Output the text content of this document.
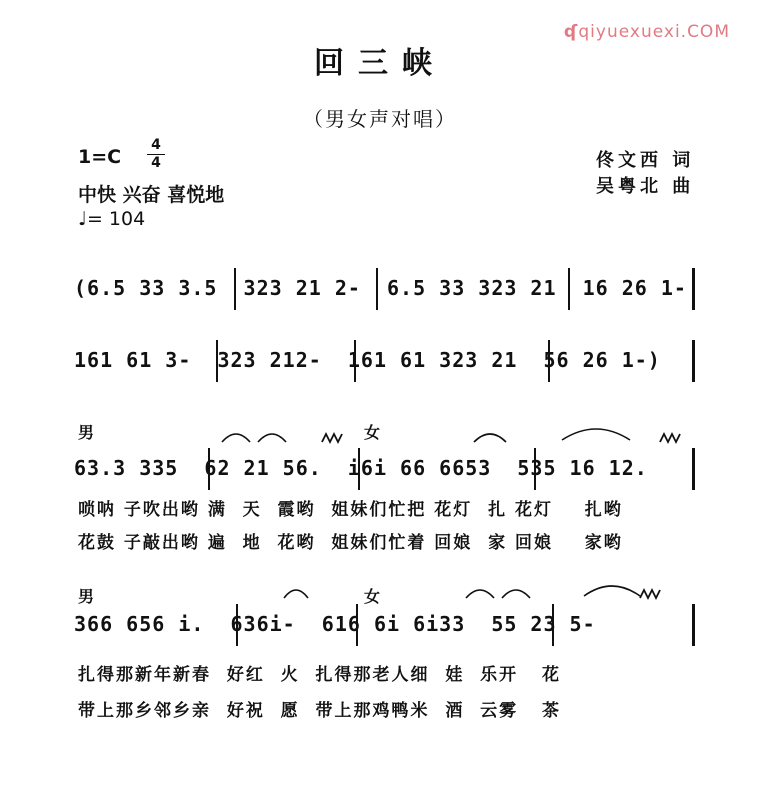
ʠqiyuexuexi.COM
回三峡
（男女声对唱）
1=C
4
4
中快 兴奋 喜悦地
♩= 104
佟文西 词
吴粤北 曲
(6.5 33 3.5  323 21 2-  6.5 33 323 21  16 26 1-
161 61 3-  323 212-  161 61 323 21  56 26 1-)
男	女
63.3 335  62 21 56.  i6i 66 6653  535 16 12.
唢呐 子吹出哟 满  天  霞哟  姐妹们忙把 花灯  扎 花灯    扎哟
花鼓 子敲出哟 遍  地  花哟  姐妹们忙着 回娘  家 回娘    家哟
男	女
366 656 i.  636i-  616 6i 6i33  55 23 5-
扎得那新年新春  好红  火  扎得那老人细  娃  乐开   花
带上那乡邻乡亲  好祝  愿  带上那鸡鸭米  酒  云雾   茶
